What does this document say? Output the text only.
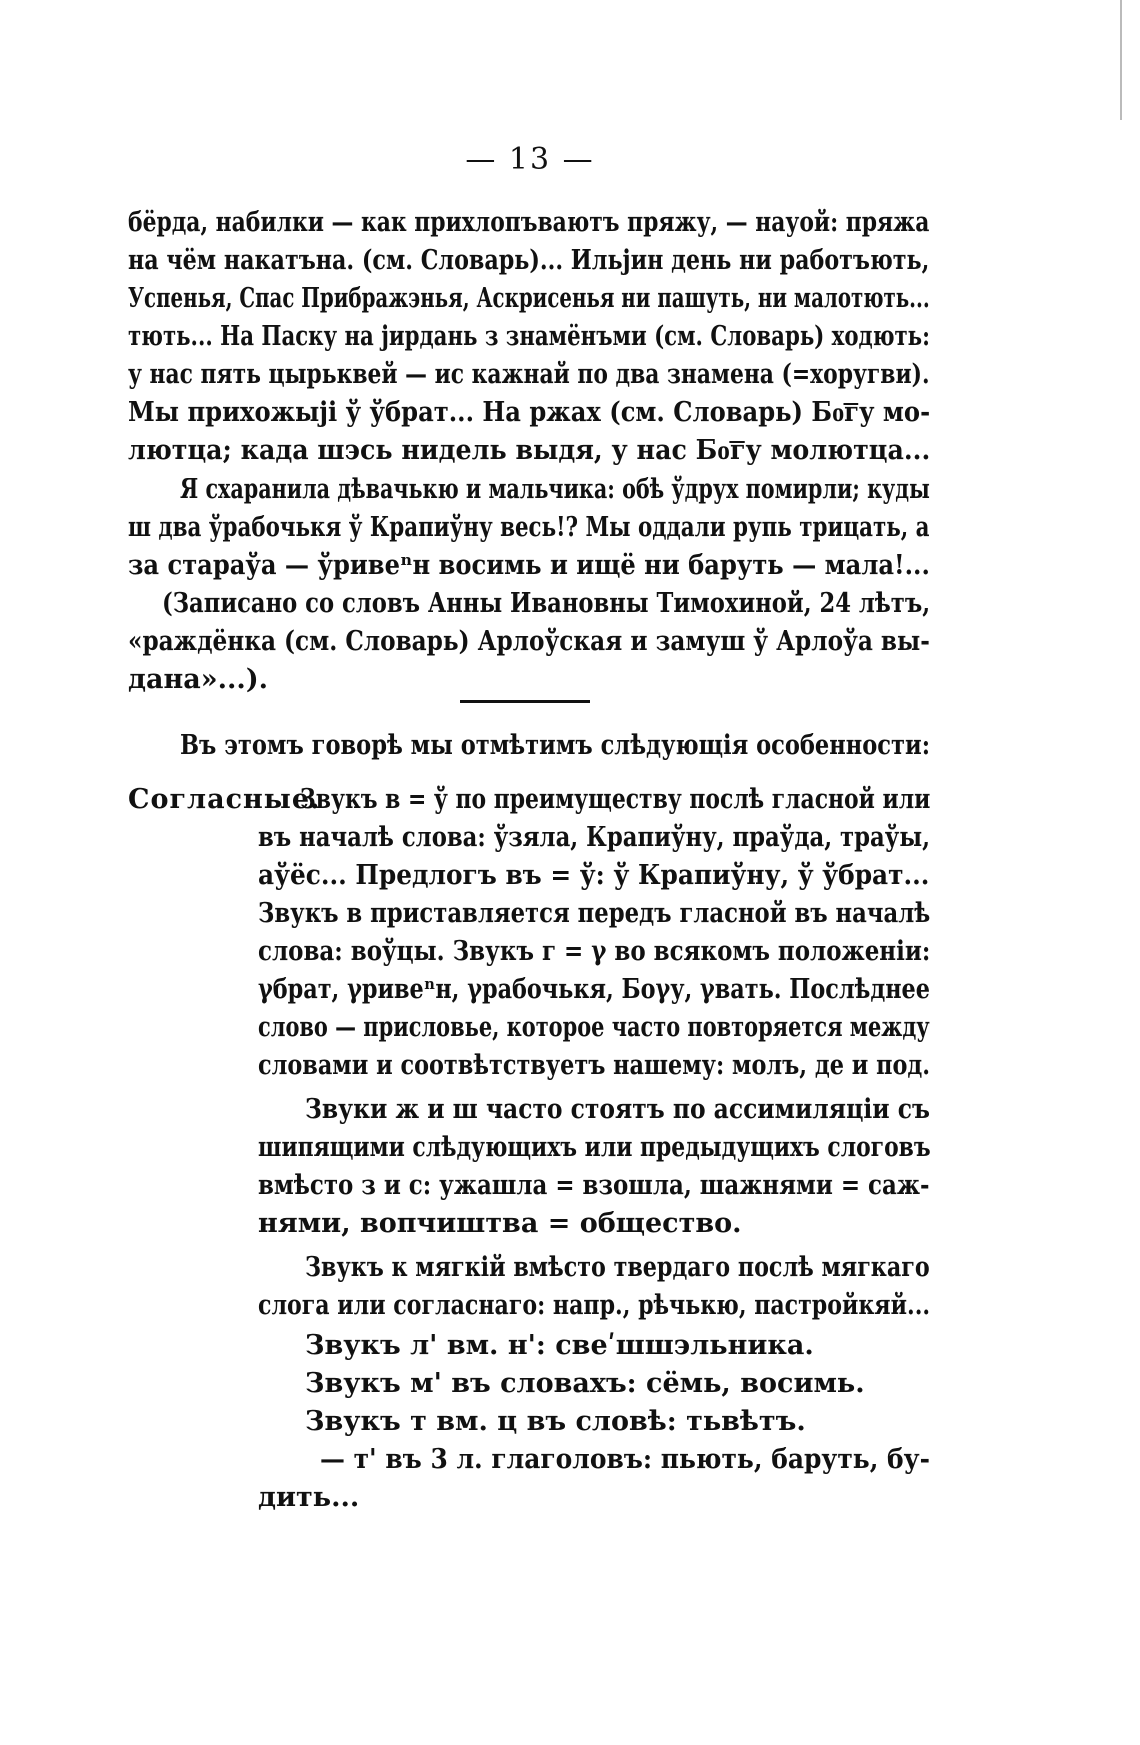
— 13 —
бёрда, набилки — как прихлопъваютъ пряжу, — науой: пряжа
на чём накатъна. (см. Словарь)... Ильјин день ни работъють,
Успенья, Спас Прибражэнья, Аскрисенья ни пашуть, ни малотють...
тють... На Паску на јирдань з знамёнъми (см. Словарь) ходють:
у нас пять цырьквей — ис кажнай по два знамена (=хоругви).
Мы прихожыјі ў ўбрат... На ржах (см. Словарь) Бо͞гу мо-
лютца; када шэсь нидель выдя, у нас Бо͞гу молютца...
Я схаранила дѣвачькю и мальчика: обѣ ўдрух помирли; куды
ш два ўрабочькя ў Крапиўну весь!? Мы оддали рупь трицать, а
за стараўа — ўривеⁿн восимь и ищё ни баруть — мала!...
(Записано со словъ Анны Ивановны Тимохиной, 24 лѣтъ,
«раждёнка (см. Словарь) Арлоўская и замуш ў Арлоўа вы-
дана»...).
Въ этомъ говорѣ мы отмѣтимъ слѣдующія особенности:
Согласные.
Звукъ в = ў по преимуществу послѣ гласной или
въ началѣ слова: ўзяла, Крапиўну, праўда, траўы,
аўёс... Предлогъ въ = ў: ў Крапиўну, ў ўбрат...
Звукъ в приставляется передъ гласной въ началѣ
слова: воўцы. Звукъ г = γ во всякомъ положеніи:
γбрат, γривеⁿн, γрабочькя, Боγу, γвать. Послѣднее
слово — присловье, которое часто повторяется между
словами и соотвѣтствуетъ нашему: молъ, де и под.
Звуки ж и ш часто стоятъ по ассимиляціи съ
шипящими слѣдующихъ или предыдущихъ слоговъ
вмѣсто з и с: ужашла = взошла, шажнями = саж-
нями, вопчиштва = общество.
Звукъ к мягкій вмѣсто твердаго послѣ мягкаго
слога или согласнаго: напр., рѣчькю, пастройкяй...
Звукъ л' вм. н': свеʹшшэльника.
Звукъ м' въ словахъ: сёмь, восимь.
Звукъ т вм. ц въ словѣ: тьвѣтъ.
— т' въ 3 л. глаголовъ: пьють, баруть, бу-
дить...
